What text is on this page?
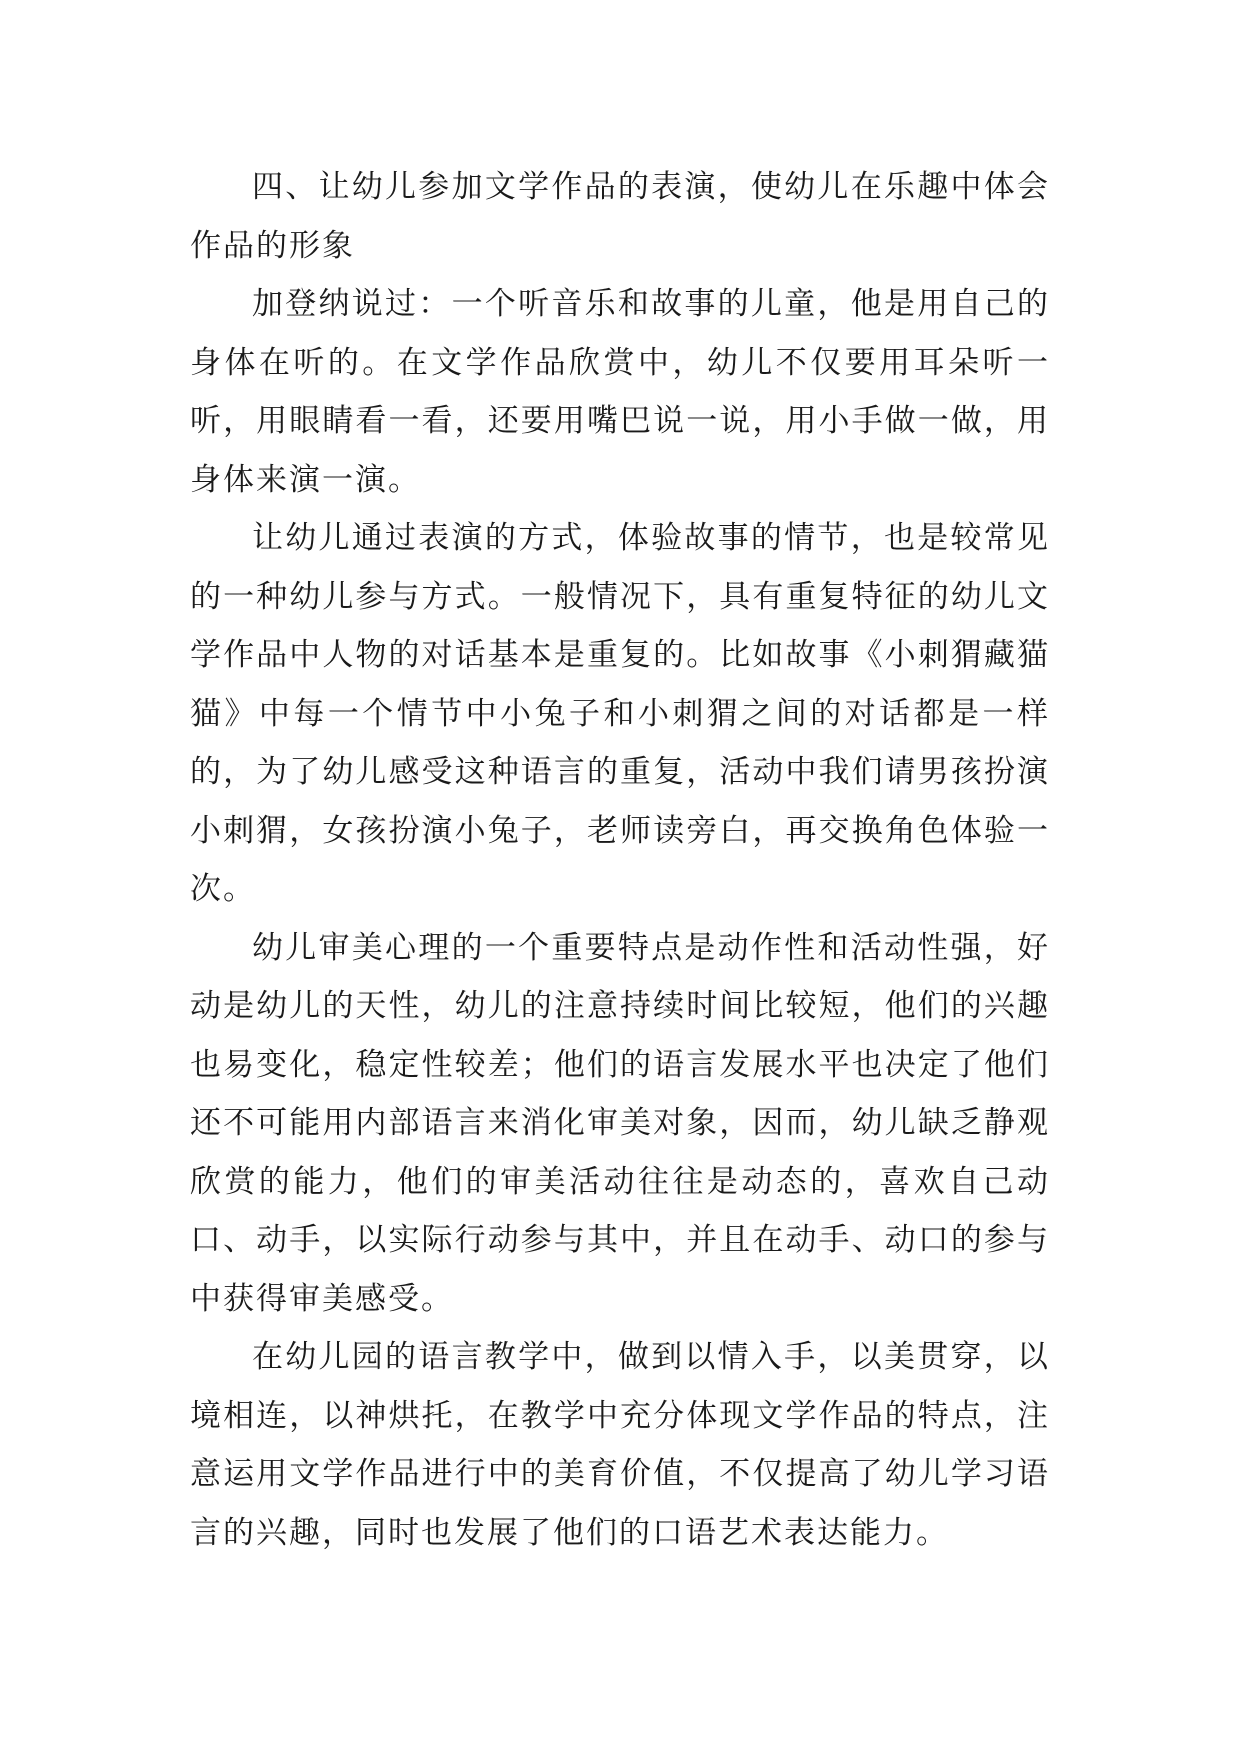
四、让幼儿参加文学作品的表演，使幼儿在乐趣中体会作品的形象

加登纳说过：一个听音乐和故事的儿童，他是用自己的身体在听的。在文学作品欣赏中，幼儿不仅要用耳朵听一听，用眼睛看一看，还要用嘴巴说一说，用小手做一做，用身体来演一演。

让幼儿通过表演的方式，体验故事的情节，也是较常见的一种幼儿参与方式。一般情况下，具有重复特征的幼儿文学作品中人物的对话基本是重复的。比如故事《小刺猬藏猫猫》中每一个情节中小兔子和小刺猬之间的对话都是一样的，为了幼儿感受这种语言的重复，活动中我们请男孩扮演小刺猬，女孩扮演小兔子，老师读旁白，再交换角色体验一次。

幼儿审美心理的一个重要特点是动作性和活动性强，好动是幼儿的天性，幼儿的注意持续时间比较短，他们的兴趣也易变化，稳定性较差；他们的语言发展水平也决定了他们还不可能用内部语言来消化审美对象，因而，幼儿缺乏静观欣赏的能力，他们的审美活动往往是动态的，喜欢自己动口、动手，以实际行动参与其中，并且在动手、动口的参与中获得审美感受。

在幼儿园的语言教学中，做到以情入手，以美贯穿，以境相连，以神烘托，在教学中充分体现文学作品的特点，注意运用文学作品进行中的美育价值，不仅提高了幼儿学习语言的兴趣，同时也发展了他们的口语艺术表达能力。
